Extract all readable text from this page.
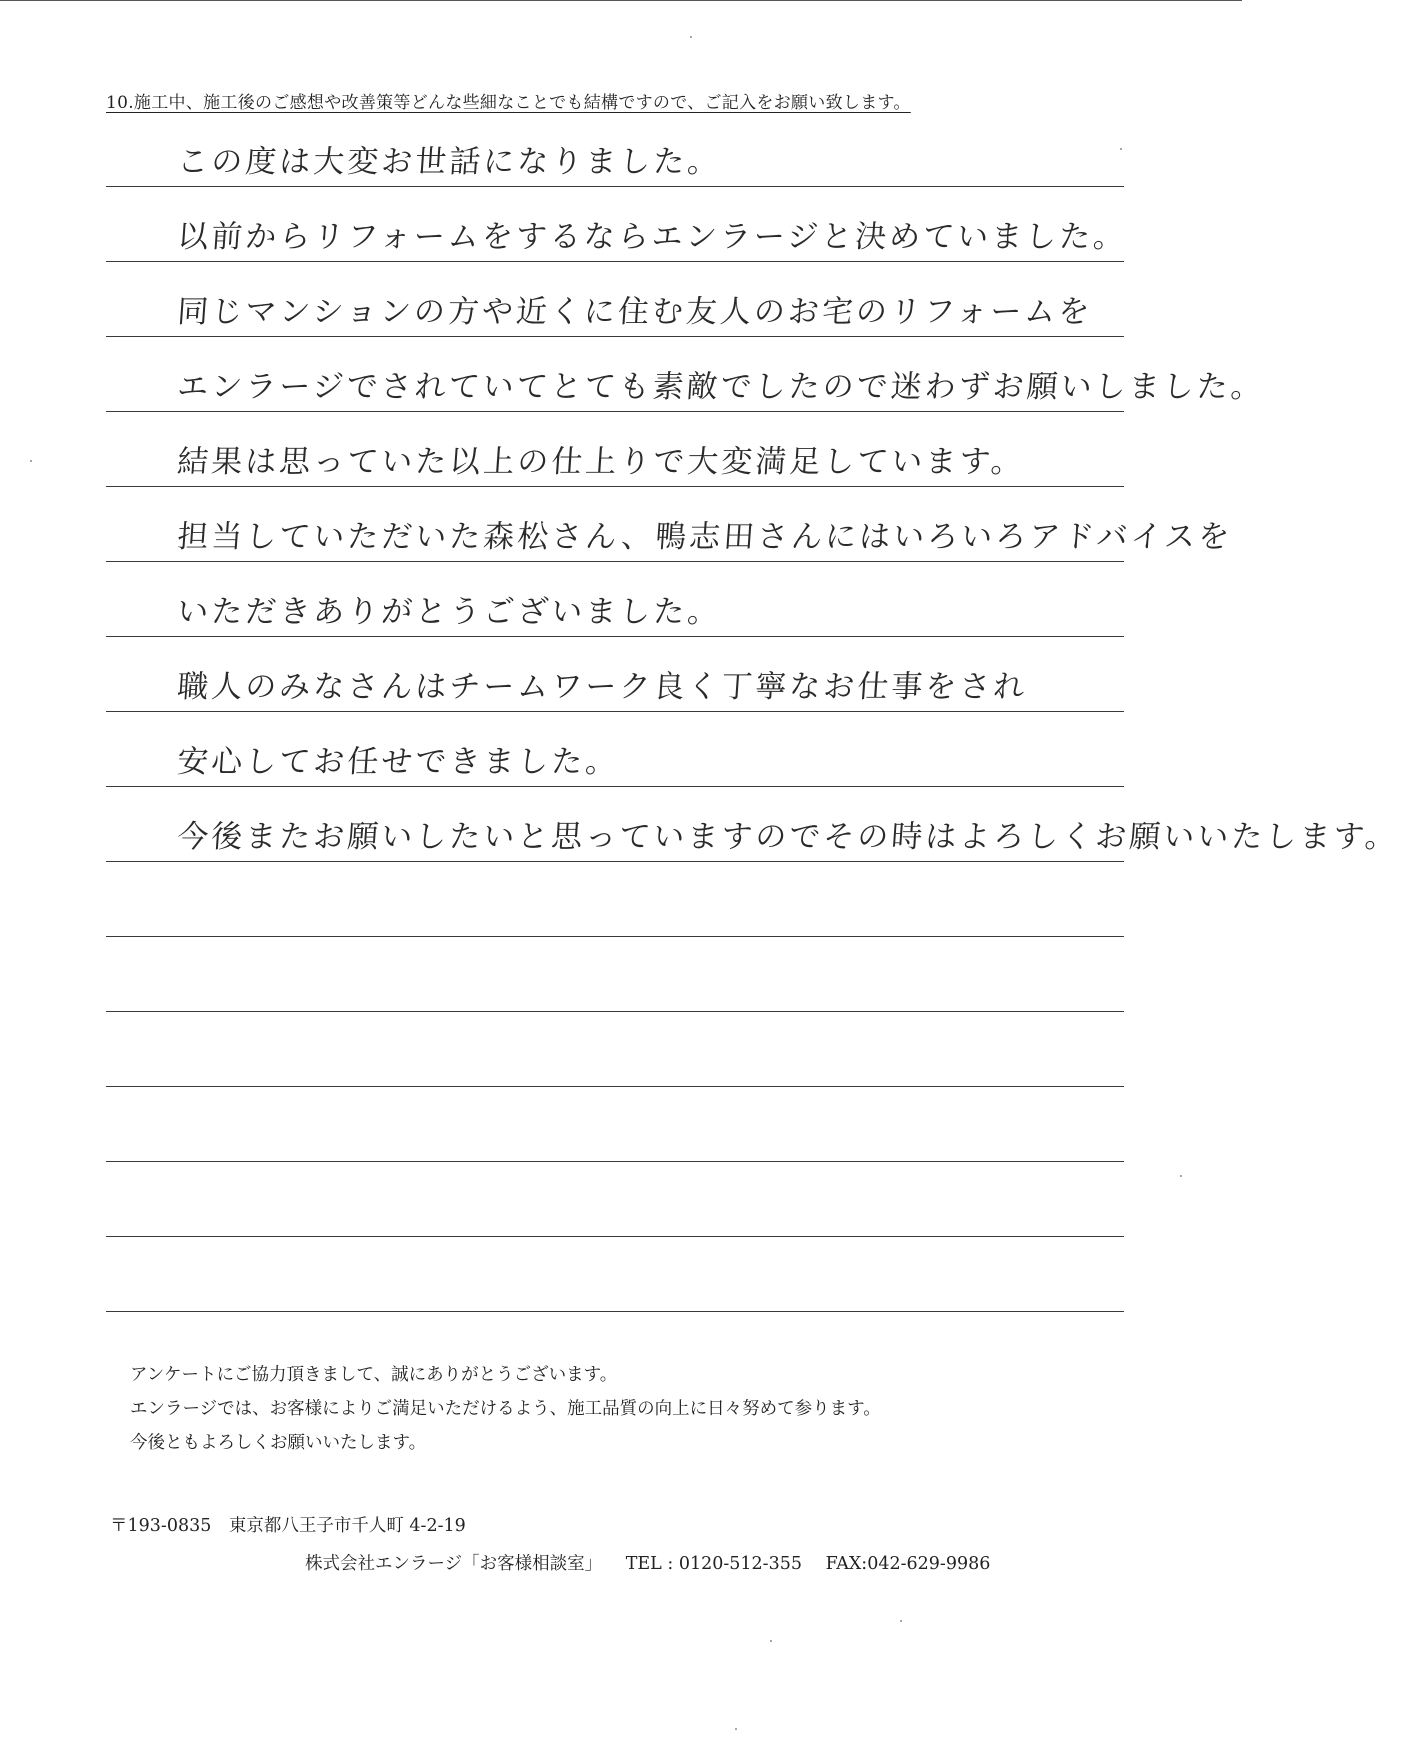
10.施工中、施工後のご感想や改善策等どんな些細なことでも結構ですので、ご記入をお願い致します。
この度は大変お世話になりました。
以前からリフォームをするならエンラージと決めていました。
同じマンションの方や近くに住む友人のお宅のリフォームを
エンラージでされていてとても素敵でしたので迷わずお願いしました。
結果は思っていた以上の仕上りで大変満足しています。
担当していただいた森松さん、鴨志田さんにはいろいろアドバイスを
いただきありがとうございました。
職人のみなさんはチームワーク良く丁寧なお仕事をされ
安心してお任せできました。
今後またお願いしたいと思っていますのでその時はよろしくお願いいたします。
アンケートにご協力頂きまして、誠にありがとうございます。
エンラージでは、お客様によりご満足いただけるよう、施工品質の向上に日々努めて参ります。
今後ともよろしくお願いいたします。
〒193-0835　東京都八王子市千人町 4-2-19
株式会社エンラージ「お客様相談室」 TEL : 0120-512-355 FAX:042-629-9986
